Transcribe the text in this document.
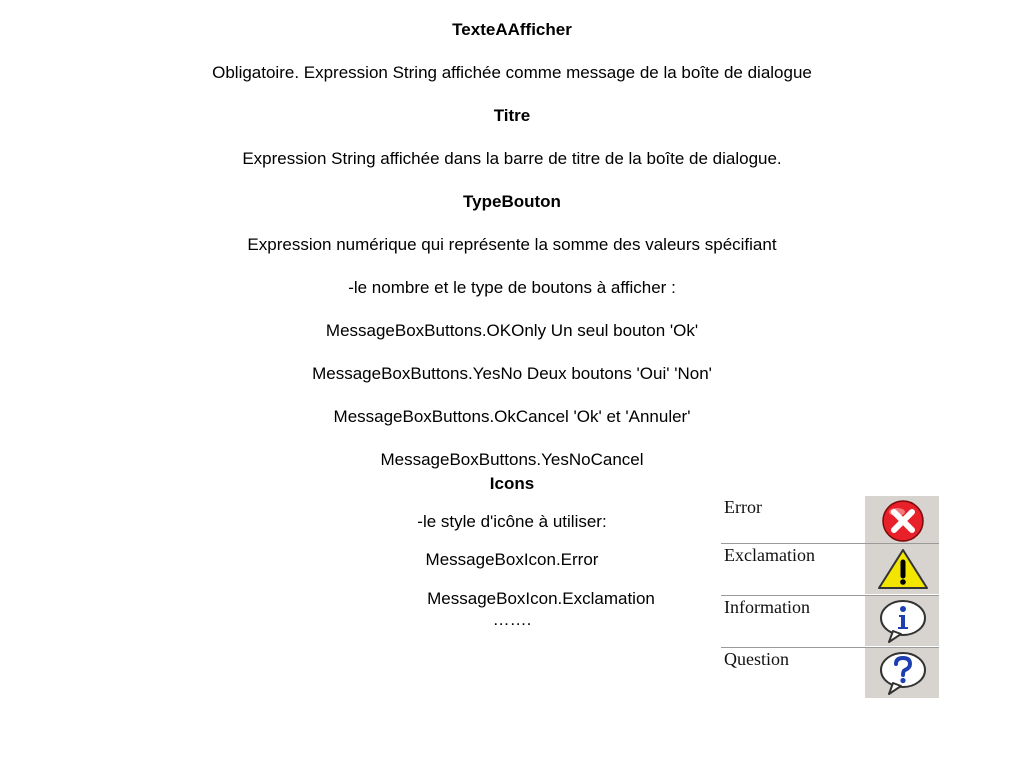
TexteAAfficher
Obligatoire. Expression String affichée comme message de la boîte de dialogue
Titre
Expression String affichée dans la barre de titre de la boîte de dialogue.
TypeBouton
Expression numérique qui représente la somme des valeurs spécifiant
-le nombre et le type de boutons à afficher :
MessageBoxButtons.OKOnly Un seul bouton 'Ok'
MessageBoxButtons.YesNo Deux boutons 'Oui' 'Non'
MessageBoxButtons.OkCancel 'Ok' et 'Annuler'
MessageBoxButtons.YesNoCancel
Icons
-le style d'icône à utiliser:
MessageBoxIcon.Error
MessageBoxIcon.Exclamation
…….
Error
Exclamation
Information
Question
